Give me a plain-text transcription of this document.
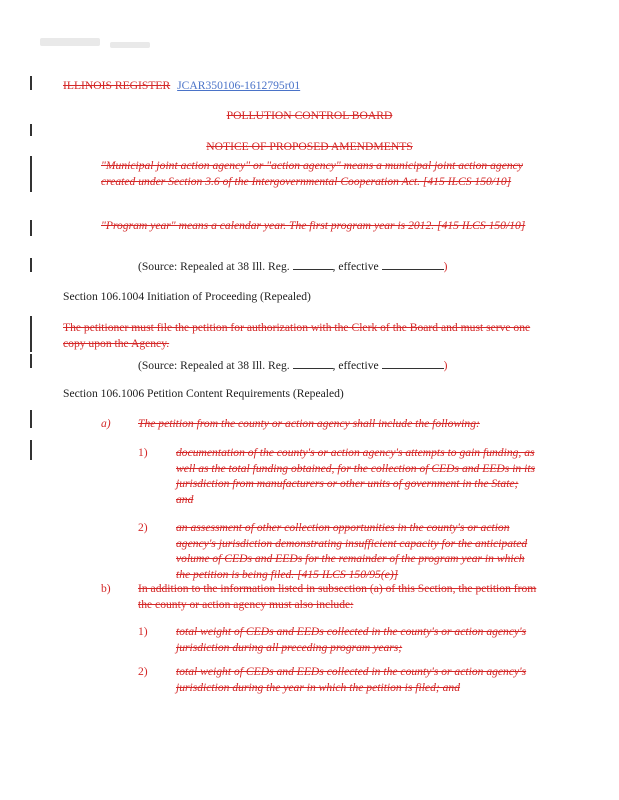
ILLINOIS REGISTER JCAR350106-1612795r01
POLLUTION CONTROL BOARD
NOTICE OF PROPOSED AMENDMENTS
"Municipal joint action agency" or "action agency" means a municipal joint action agency created under Section 3.6 of the Intergovernmental Cooperation Act. [415 ILCS 150/10]
"Program year" means a calendar year. The first program year is 2012. [415 ILCS 150/10]
(Source: Repealed at 38 Ill. Reg.	, effective	)
Section 106.1004 Initiation of Proceeding (Repealed)
The petitioner must file the petition for authorization with the Clerk of the Board and must serve one copy upon the Agency.
(Source: Repealed at 38 Ill. Reg.	, effective	)
Section 106.1006 Petition Content Requirements (Repealed)
a) The petition from the county or action agency shall include the following:
1) documentation of the county's or action agency's attempts to gain funding, as well as the total funding obtained, for the collection of CEDs and EEDs in its jurisdiction from manufacturers or other units of government in the State; and
2) an assessment of other collection opportunities in the county's or action agency's jurisdiction demonstrating insufficient capacity for the anticipated volume of CEDs and EEDs for the remainder of the program year in which the petition is being filed. [415 ILCS 150/95(e)]
b) In addition to the information listed in subsection (a) of this Section, the petition from the county or action agency must also include:
1) total weight of CEDs and EEDs collected in the county's or action agency's jurisdiction during all preceding program years;
2) total weight of CEDs and EEDs collected in the county's or action agency's jurisdiction during the year in which the petition is filed; and
